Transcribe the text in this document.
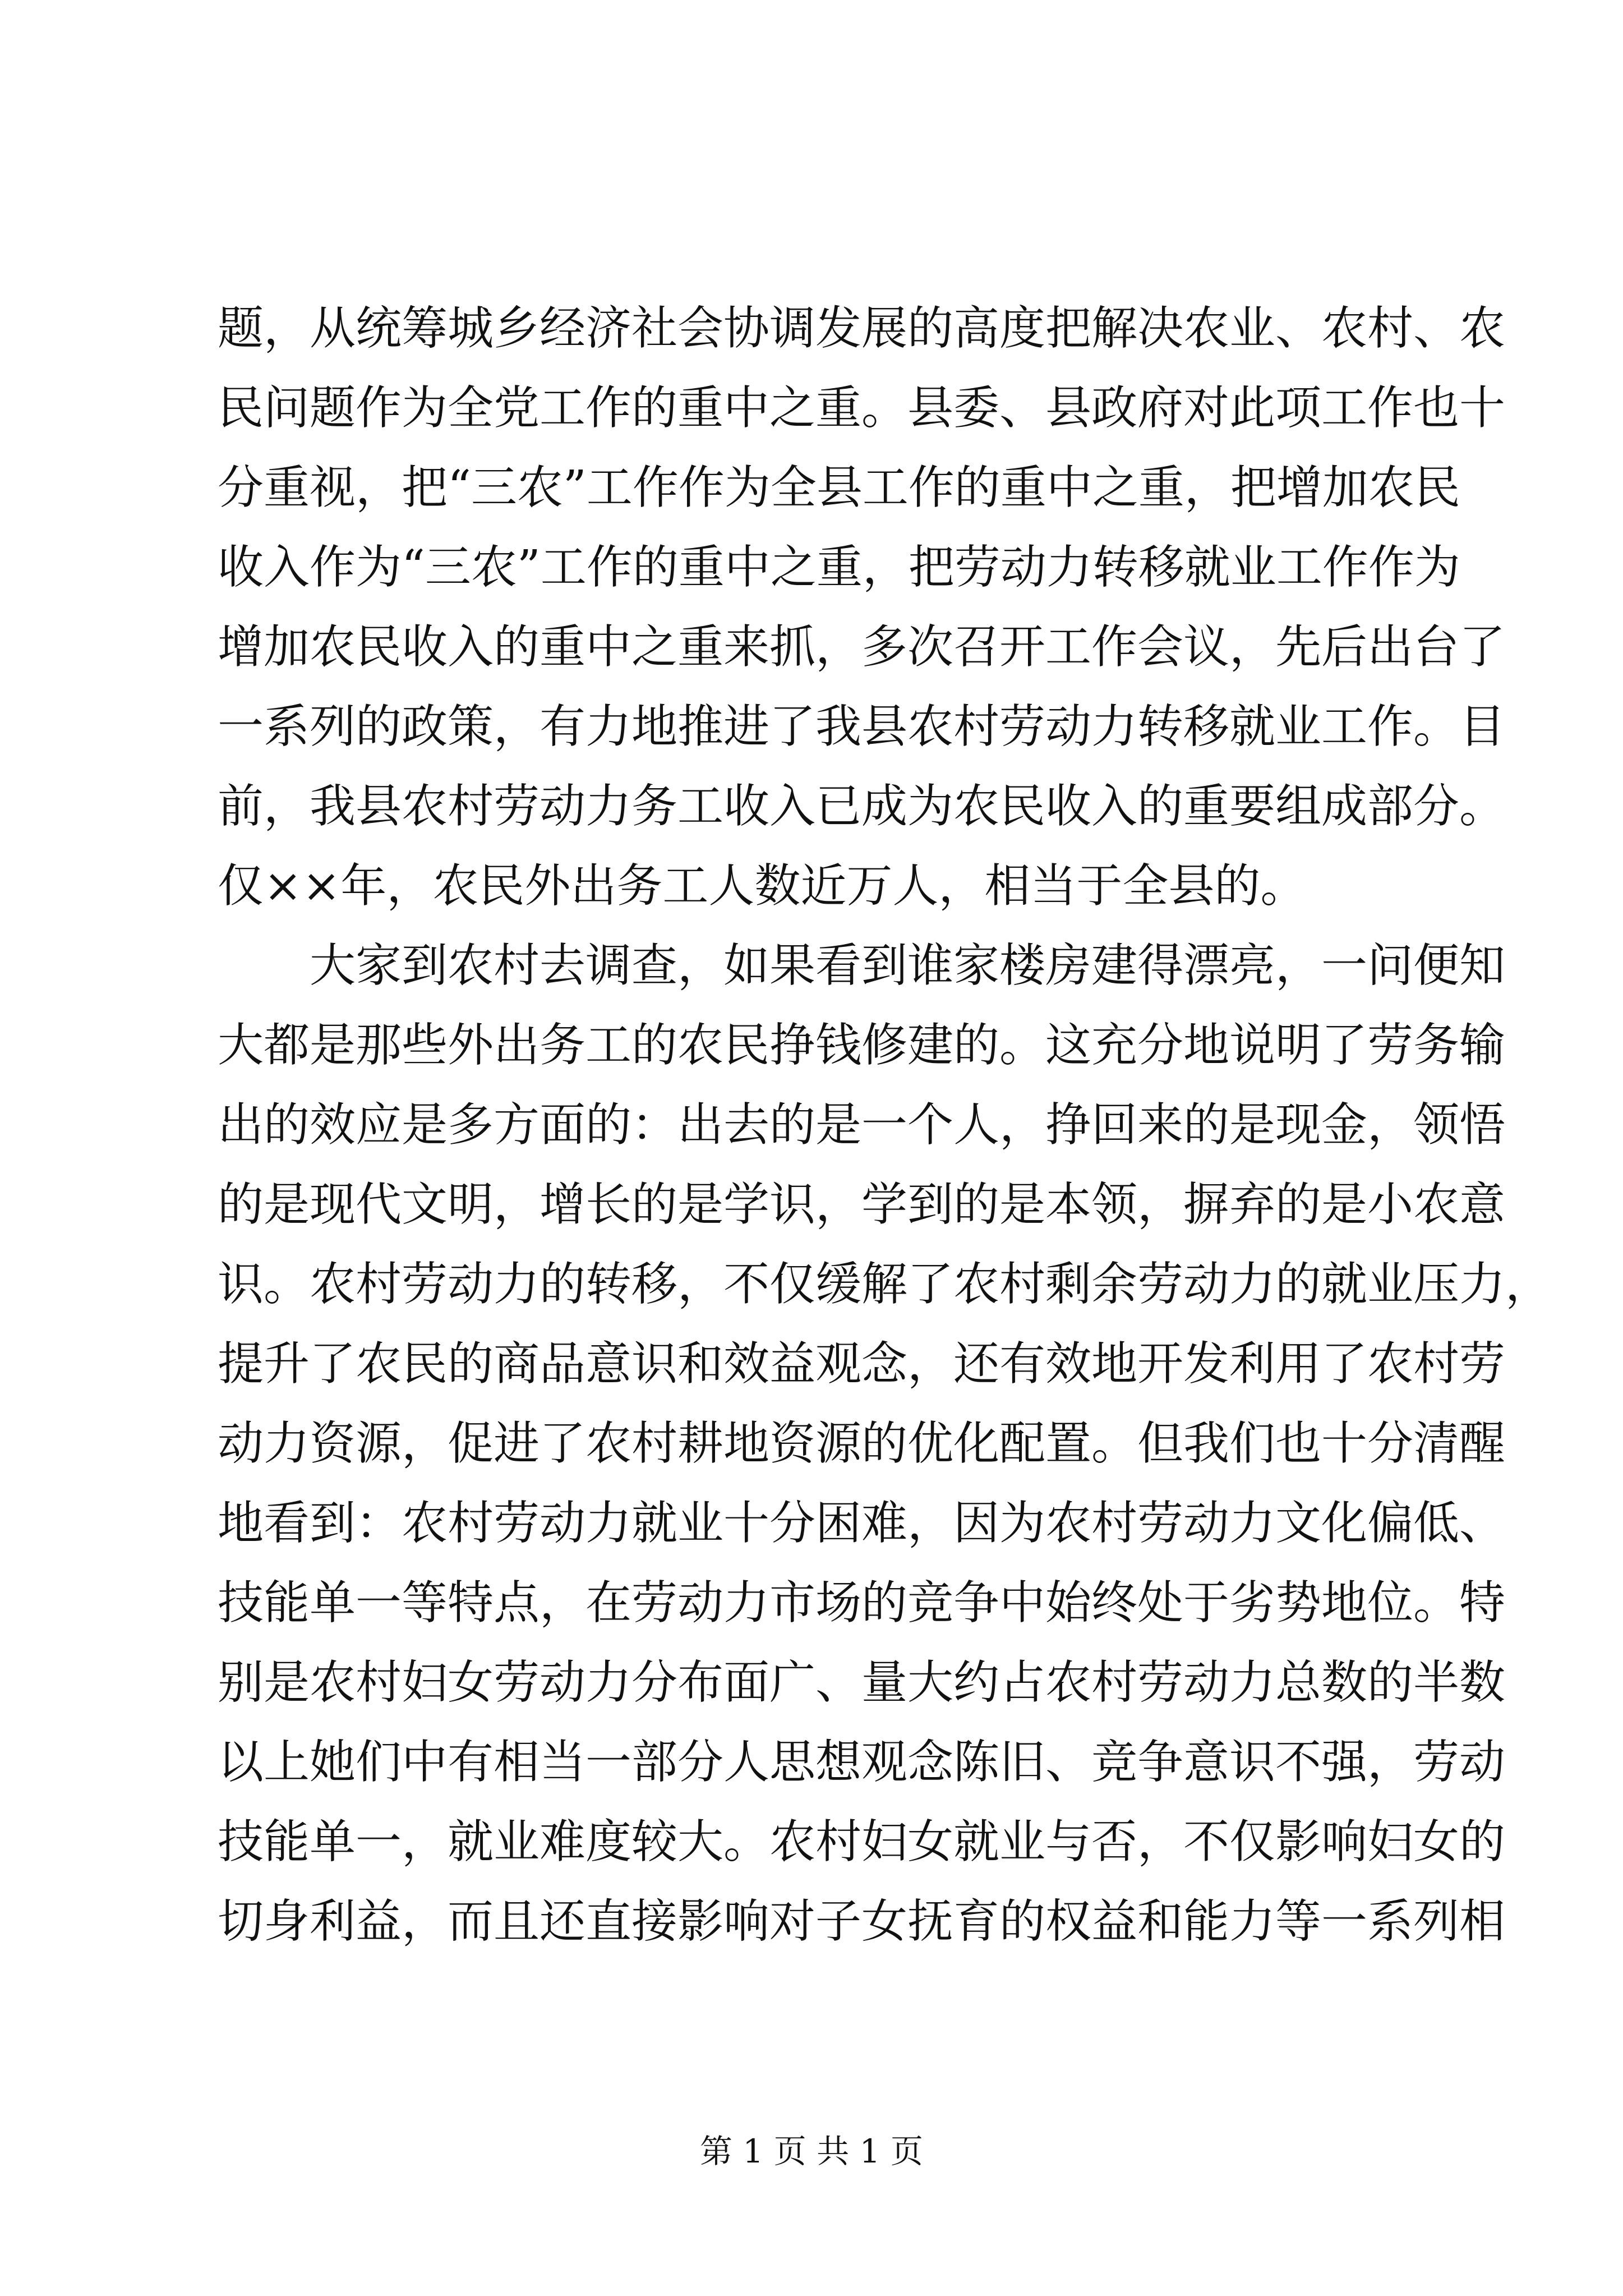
题，从统筹城乡经济社会协调发展的高度把解决农业、农村、农
民问题作为全党工作的重中之重。县委、县政府对此项工作也十
分重视，把“三农”工作作为全县工作的重中之重，把增加农民
收入作为“三农”工作的重中之重，把劳动力转移就业工作作为
增加农民收入的重中之重来抓，多次召开工作会议，先后出台了
一系列的政策，有力地推进了我县农村劳动力转移就业工作。目
前，我县农村劳动力务工收入已成为农民收入的重要组成部分。
仅××年，农民外出务工人数近万人，相当于全县的。
大家到农村去调查，如果看到谁家楼房建得漂亮，一问便知
大都是那些外出务工的农民挣钱修建的。这充分地说明了劳务输
出的效应是多方面的：出去的是一个人，挣回来的是现金，领悟
的是现代文明，增长的是学识，学到的是本领，摒弃的是小农意
识。农村劳动力的转移，不仅缓解了农村剩余劳动力的就业压力，
提升了农民的商品意识和效益观念，还有效地开发利用了农村劳
动力资源，促进了农村耕地资源的优化配置。但我们也十分清醒
地看到：农村劳动力就业十分困难，因为农村劳动力文化偏低、
技能单一等特点，在劳动力市场的竞争中始终处于劣势地位。特
别是农村妇女劳动力分布面广、量大约占农村劳动力总数的半数
以上她们中有相当一部分人思想观念陈旧、竞争意识不强，劳动
技能单一，就业难度较大。农村妇女就业与否，不仅影响妇女的
切身利益，而且还直接影响对子女抚育的权益和能力等一系列相
第 1 页 共 1 页
